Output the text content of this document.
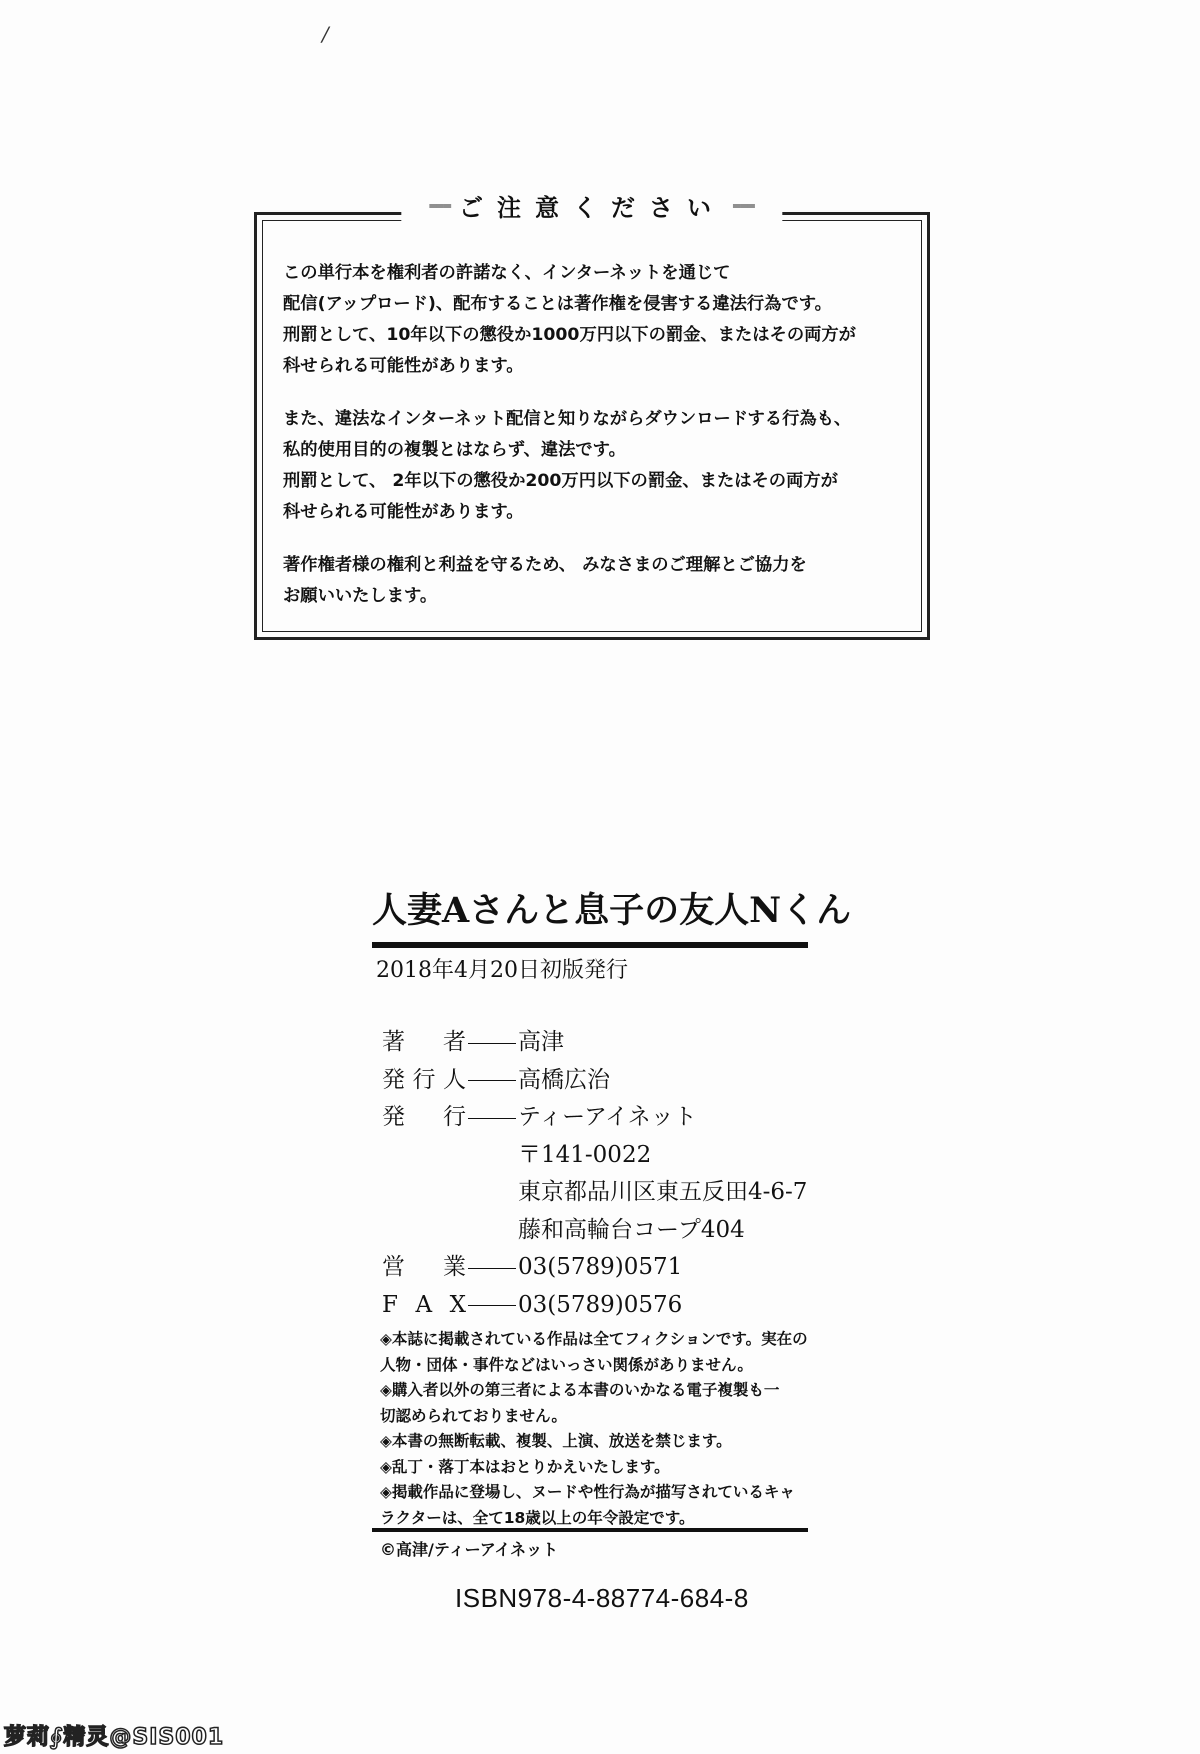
/
═══ ご注意ください ═══

この単行本を権利者の許諾なく、インターネットを通じて

配信(アップロード)、配布することは著作権を侵害する違法行為です。

刑罰として、10年以下の懲役か1000万円以下の罰金、またはその両方が

科せられる可能性があります。

また、違法なインターネット配信と知りながらダウンロードする行為も、

私的使用目的の複製とはならず、違法です。

刑罰として、 2年以下の懲役か200万円以下の罰金、またはその両方が

科せられる可能性があります。

著作権者様の権利と利益を守るため、 みなさまのご理解とご協力を

お願いいたします。

人妻Aさんと息子の友人Nくん
2018年4月20日初版発行
著 者 高津
発行人 高橋広治
発 行 ティーアイネット
〒141-0022
東京都品川区東五反田4-6-7
藤和高輪台コープ404
営 業 03(5789)0571
F A X 03(5789)0576
◈本誌に掲載されている作品は全てフィクションです。実在の
人物・団体・事件などはいっさい関係がありません。
◈購入者以外の第三者による本書のいかなる電子複製も一
切認められておりません。
◈本書の無断転載、複製、上演、放送を禁じます。
◈乱丁・落丁本はおとりかえいたします。
◈掲載作品に登場し、ヌードや性行為が描写されているキャ
ラクターは、全て18歳以上の年令設定です。
©高津/ティーアイネット
ISBN978-4-88774-684-8
萝莉∮精灵@SIS001
